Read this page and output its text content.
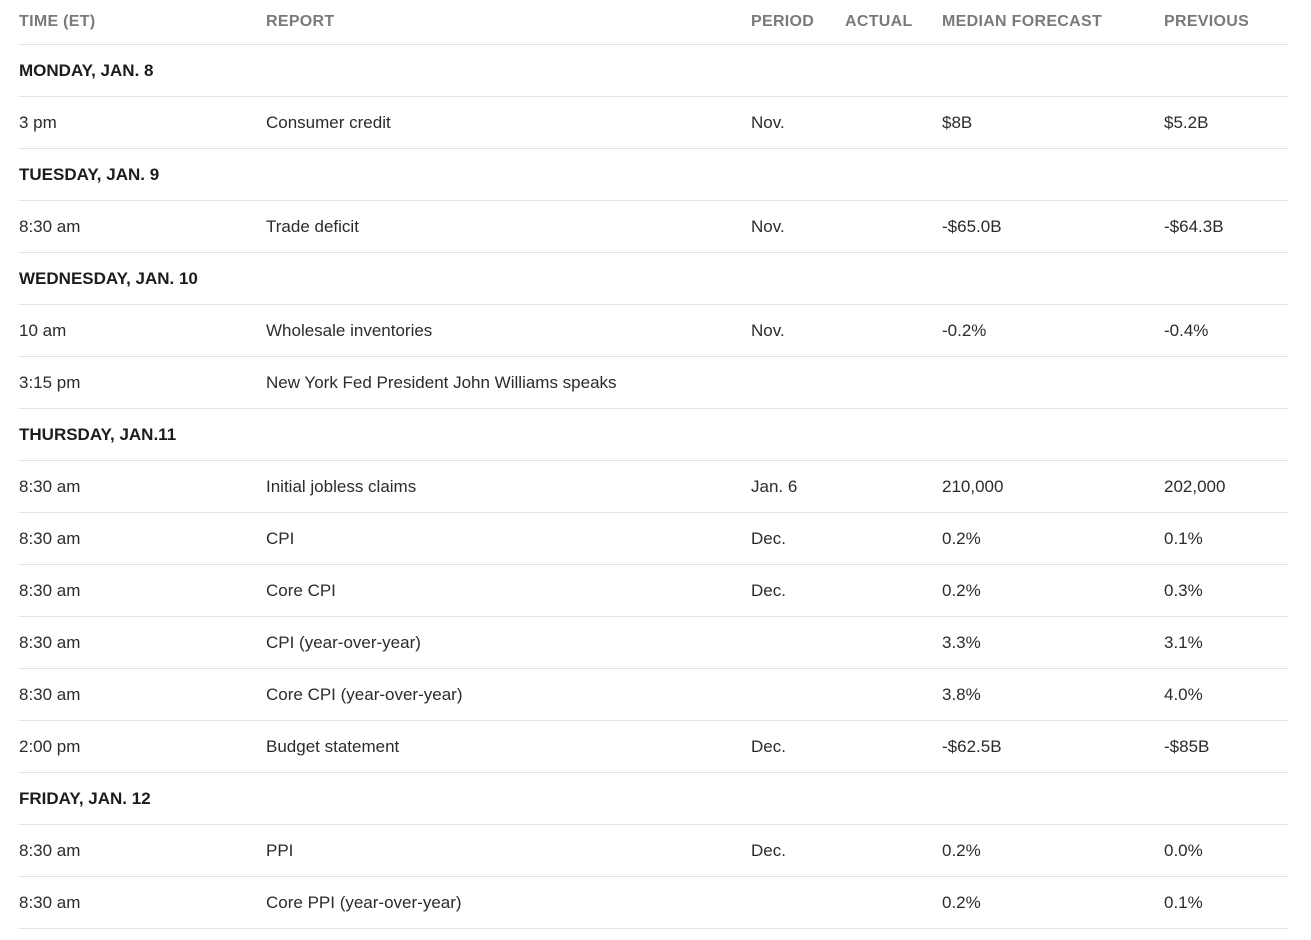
TIME (ET)	REPORT	PERIOD	ACTUAL	MEDIAN FORECAST	PREVIOUS
MONDAY, JAN. 8					
3 pm	Consumer credit	Nov.		$8B	$5.2B
TUESDAY, JAN. 9					
8:30 am	Trade deficit	Nov.		-$65.0B	-$64.3B
WEDNESDAY, JAN. 10					
10 am	Wholesale inventories	Nov.		-0.2%	-0.4%
3:15 pm	New York Fed President John Williams speaks				
THURSDAY, JAN.11					
8:30 am	Initial jobless claims	Jan. 6		210,000	202,000
8:30 am	CPI	Dec.		0.2%	0.1%
8:30 am	Core CPI	Dec.		0.2%	0.3%
8:30 am	CPI (year-over-year)			3.3%	3.1%
8:30 am	Core CPI (year-over-year)			3.8%	4.0%
2:00 pm	Budget statement	Dec.		-$62.5B	-$85B
FRIDAY, JAN. 12					
8:30 am	PPI	Dec.		0.2%	0.0%
8:30 am	Core PPI (year-over-year)			0.2%	0.1%
